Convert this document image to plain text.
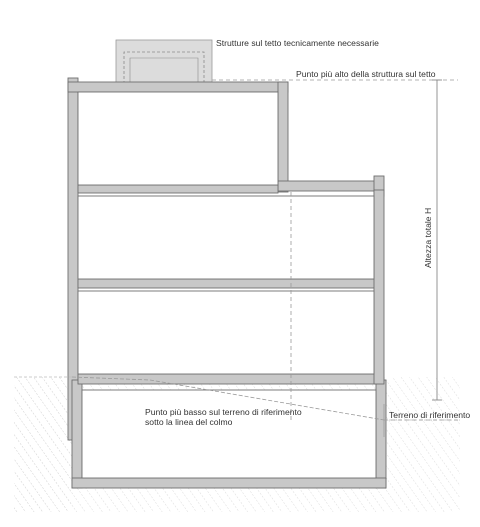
Strutture sul tetto tecnicamente necessarie
Punto più alto della struttura sul tetto
Altezza totale H
Punto più basso sul terreno di riferimento
sotto la linea del colmo
Terreno di riferimento
